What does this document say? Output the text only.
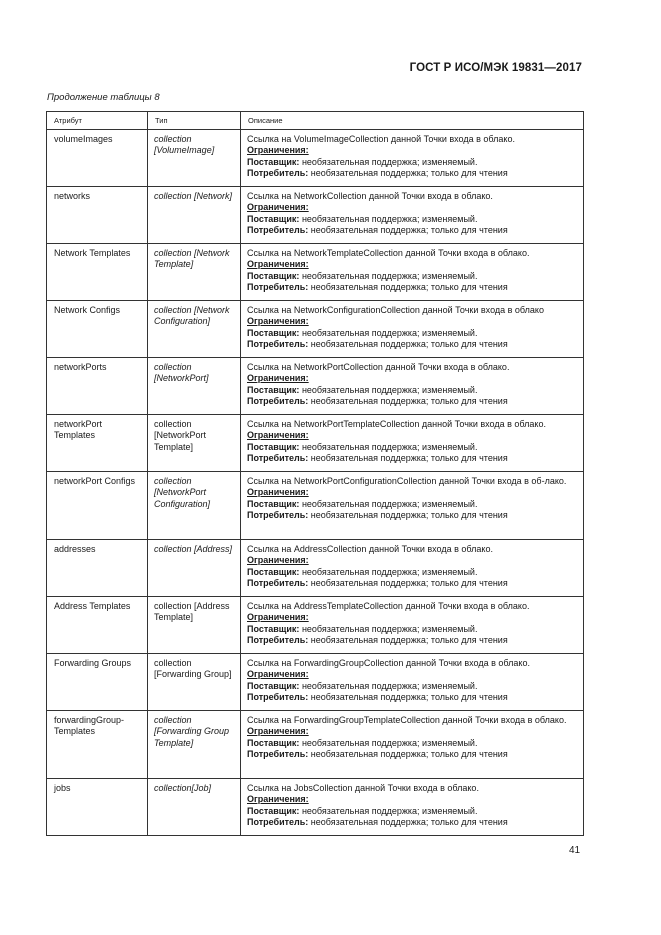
ГОСТ Р ИСО/МЭК 19831—2017
Продолжение таблицы 8
Атрибут	Тип	Описание
volumeImages	collection [VolumeImage]	Ссылка на VolumeImageCollection данной Точки входа в облако.
Ограничения:
Поставщик: необязательная поддержка; изменяемый.
Потребитель: необязательная поддержка; только для чтения

networks	collection [Network]	Ссылка на NetworkCollection данной Точки входа в облако.
Ограничения:
Поставщик: необязательная поддержка; изменяемый.
Потребитель: необязательная поддержка; только для чтения

Network Templates	collection [Network Template]	Ссылка на NetworkTemplateCollection данной Точки входа в облако.
Ограничения:
Поставщик: необязательная поддержка; изменяемый.
Потребитель: необязательная поддержка; только для чтения

Network Configs	collection [Network Configuration]	Ссылка на NetworkConfigurationCollection данной Точки входа в облако
Ограничения:
Поставщик: необязательная поддержка; изменяемый.
Потребитель: необязательная поддержка; только для чтения

networkPorts	collection [NetworkPort]	Ссылка на NetworkPortCollection данной Точки входа в облако.
Ограничения:
Поставщик: необязательная поддержка; изменяемый.
Потребитель: необязательная поддержка; только для чтения

networkPort Templates	collection [NetworkPort Template]	Ссылка на NetworkPortTemplateCollection данной Точки входа в облако.
Ограничения:
Поставщик: необязательная поддержка; изменяемый.
Потребитель: необязательная поддержка; только для чтения

networkPort Configs	collection [NetworkPort Configuration]	Ссылка на NetworkPortConfigurationCollection данной Точки входа в об-лако.
Ограничения:
Поставщик: необязательная поддержка; изменяемый.
Потребитель: необязательная поддержка; только для чтения

addresses	collection [Address]	Ссылка на AddressCollection данной Точки входа в облако.
Ограничения:
Поставщик: необязательная поддержка; изменяемый.
Потребитель: необязательная поддержка; только для чтения

Address Templates	collection [Address Template]	Ссылка на AddressTemplateCollection данной Точки входа в облако.
Ограничения:
Поставщик: необязательная поддержка; изменяемый.
Потребитель: необязательная поддержка; только для чтения

Forwarding Groups	collection [Forwarding Group]	Ссылка на ForwardingGroupCollection данной Точки входа в облако.
Ограничения:
Поставщик: необязательная поддержка; изменяемый.
Потребитель: необязательная поддержка; только для чтения

forwardingGroup-Templates	collection [Forwarding Group Template]	Ссылка на ForwardingGroupTemplateCollection данной Точки входа в облако.
Ограничения:
Поставщик: необязательная поддержка; изменяемый.
Потребитель: необязательная поддержка; только для чтения

jobs	collection[Job]	Ссылка на JobsCollection данной Точки входа в облако.
Ограничения:
Поставщик: необязательная поддержка; изменяемый.
Потребитель: необязательная поддержка; только для чтения
41
